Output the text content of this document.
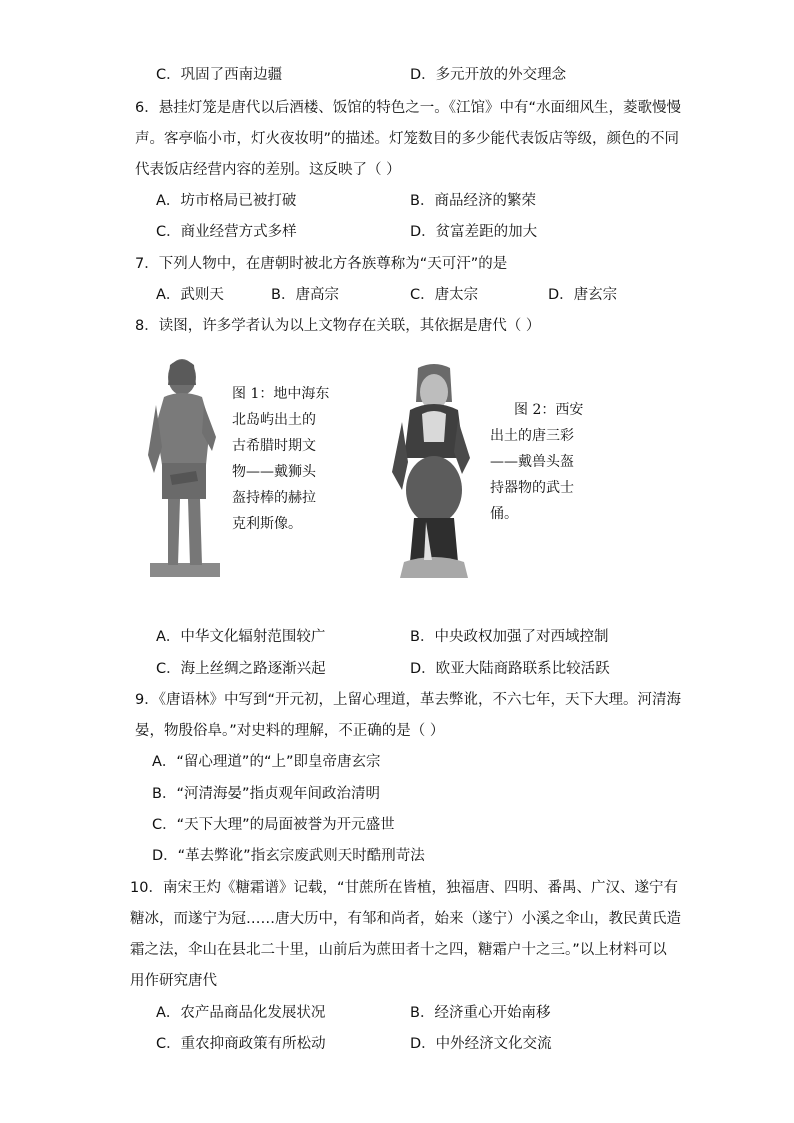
C．巩固了西南边疆	D．多元开放的外交理念
6．悬挂灯笼是唐代以后酒楼、饭馆的特色之一。《江馆》中有“水面细风生，菱歌慢慢
声。客亭临小市，灯火夜妆明”的描述。灯笼数目的多少能代表饭店等级，颜色的不同
代表饭店经营内容的差别。这反映了（ ）
A．坊市格局已被打破	B．商品经济的繁荣
C．商业经营方式多样	D．贫富差距的加大
7．下列人物中，在唐朝时被北方各族尊称为“天可汗”的是
A．武则天	B．唐高宗	C．唐太宗	D．唐玄宗
8．读图，许多学者认为以上文物存在关联，其依据是唐代（ ）
图 1：地中海东
北岛屿出土的
古希腊时期文
物——戴狮头
盔持棒的赫拉
克利斯像。
图 2：西安
出土的唐三彩
——戴兽头盔
持器物的武士
俑。
A．中华文化辐射范围较广	B．中央政权加强了对西域控制
C．海上丝绸之路逐渐兴起	D．欧亚大陆商路联系比较活跃
9．《唐语林》中写到“开元初，上留心理道，革去弊讹，不六七年，天下大理。河清海
晏，物殷俗阜。”对史料的理解，不正确的是（ ）
A．“留心理道”的“上”即皇帝唐玄宗
B．“河清海晏”指贞观年间政治清明
C．“天下大理”的局面被誉为开元盛世
D．“革去弊讹”指玄宗废武则天时酷刑苛法
10．南宋王灼《糖霜谱》记载，“甘蔗所在皆植，独福唐、四明、番禺、广汉、遂宁有
糖冰，而遂宁为冠……唐大历中，有邹和尚者，始来（遂宁）小溪之伞山，教民黄氏造
霜之法，伞山在县北二十里，山前后为蔗田者十之四，糖霜户十之三。”以上材料可以
用作研究唐代
A．农产品商品化发展状况	B．经济重心开始南移
C．重农抑商政策有所松动	D．中外经济文化交流
